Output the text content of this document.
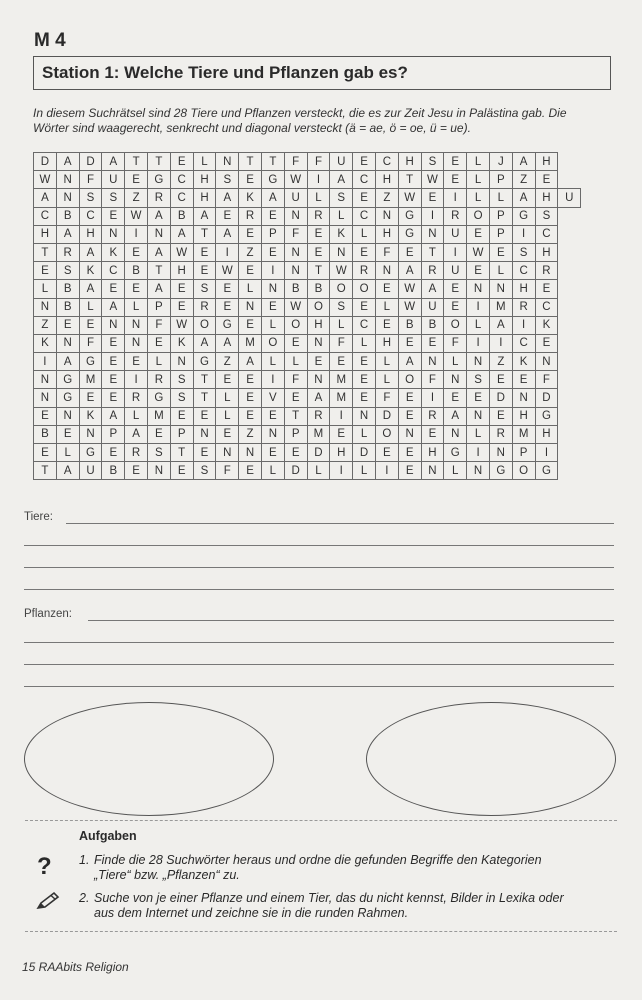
M 4
Station 1: Welche Tiere und Pflanzen gab es?
In diesem Suchrätsel sind 28 Tiere und Pflanzen versteckt, die es zur Zeit Jesu in Palästina gab. Die
Wörter sind waagerecht, senkrecht und diagonal versteckt (ä = ae, ö = oe, ü = ue).
D	A	D	A	T	T	E	L	N	T	T	F	F	U	E	C	H	S	E	L	J	A	H	
W	N	F	U	E	G	C	H	S	E	G	W	I	A	C	H	T	W	E	L	P	Z	E	
A	N	S	S	Z	R	C	H	A	K	A	U	L	S	E	Z	W	E	I	L	L	A	H	U
C	B	C	E	W	A	B	A	E	R	E	N	R	L	C	N	G	I	R	O	P	G	S	
H	A	H	N	I	N	A	T	A	E	P	F	E	K	L	H	G	N	U	E	P	I	C	
T	R	A	K	E	A	W	E	I	Z	E	N	E	N	E	F	E	T	I	W	E	S	H	
E	S	K	C	B	T	H	E	W	E	I	N	T	W	R	N	A	R	U	E	L	C	R	
L	B	A	E	E	A	E	S	E	L	N	B	B	O	O	E	W	A	E	N	N	H	E	
N	B	L	A	L	P	E	R	E	N	E	W	O	S	E	L	W	U	E	I	M	R	C	
Z	E	E	N	N	F	W	O	G	E	L	O	H	L	C	E	B	B	O	L	A	I	K	
K	N	F	E	N	E	K	A	A	M	O	E	N	F	L	H	E	E	F	I	I	C	E	
I	A	G	E	E	L	N	G	Z	A	L	L	E	E	E	L	A	N	L	N	Z	K	N	
N	G	M	E	I	R	S	T	E	E	I	F	N	M	E	L	O	F	N	S	E	E	F	
N	G	E	E	R	G	S	T	L	E	V	E	A	M	E	F	E	I	E	E	D	N	D	
E	N	K	A	L	M	E	E	L	E	E	T	R	I	N	D	E	R	A	N	E	H	G	
B	E	N	P	A	E	P	N	E	Z	N	P	M	E	L	O	N	E	N	L	R	M	H	
E	L	G	E	R	S	T	E	N	N	E	E	D	H	D	E	E	H	G	I	N	P	I	
T	A	U	B	E	N	E	S	F	E	L	D	L	I	L	I	E	N	L	N	G	O	G	
Tiere:
Pflanzen:
Aufgaben
? 1. Finde die 28 Suchwörter heraus und ordne die gefunden Begriffe den Kategorien
„Tiere“ bzw. „Pflanzen“ zu.
2. Suche von je einer Pflanze und einem Tier, das du nicht kennst, Bilder in Lexika oder
aus dem Internet und zeichne sie in die runden Rahmen.
15 RAAbits Religion
